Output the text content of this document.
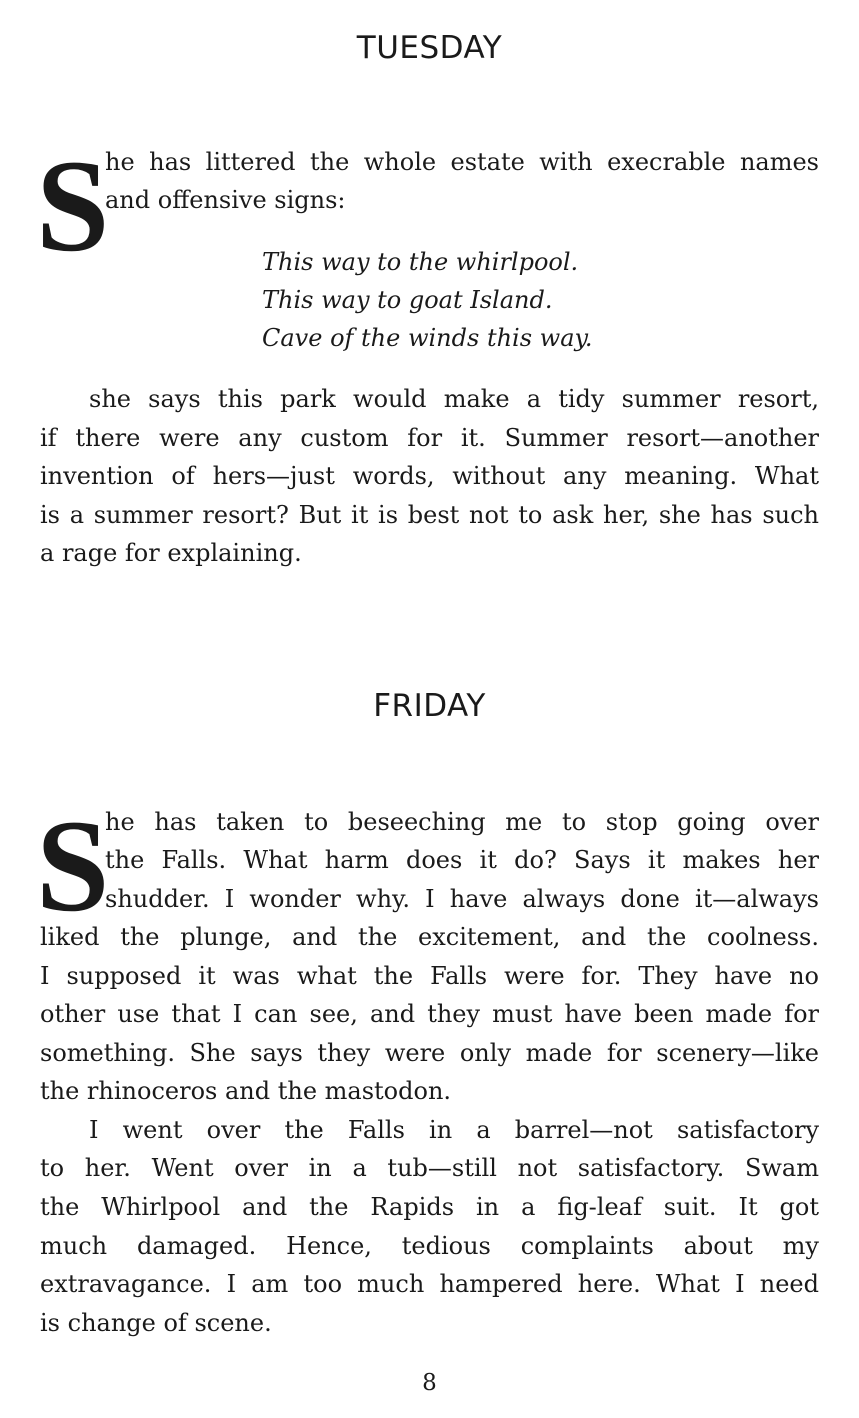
TUESDAY
S
he has littered the whole estate with execrable names
and offensive signs:
This way to the whirlpool.
This way to goat Island.
Cave of the winds this way.
she says this park would make a tidy summer resort,
if there were any custom for it. Summer resort—another
invention of hers—just words, without any meaning. What
is a summer resort? But it is best not to ask her, she has such
a rage for explaining.
FRIDAY
S
he has taken to beseeching me to stop going over
the Falls. What harm does it do? Says it makes her
shudder. I wonder why. I have always done it—always
liked the plunge, and the excitement, and the coolness.
I supposed it was what the Falls were for. They have no
other use that I can see, and they must have been made for
something. She says they were only made for scenery—like
the rhinoceros and the mastodon.
I went over the Falls in a barrel—not satisfactory
to her. Went over in a tub—still not satisfactory. Swam
the Whirlpool and the Rapids in a fig-leaf suit. It got
much damaged. Hence, tedious complaints about my
extravagance. I am too much hampered here. What I need
is change of scene.
8
